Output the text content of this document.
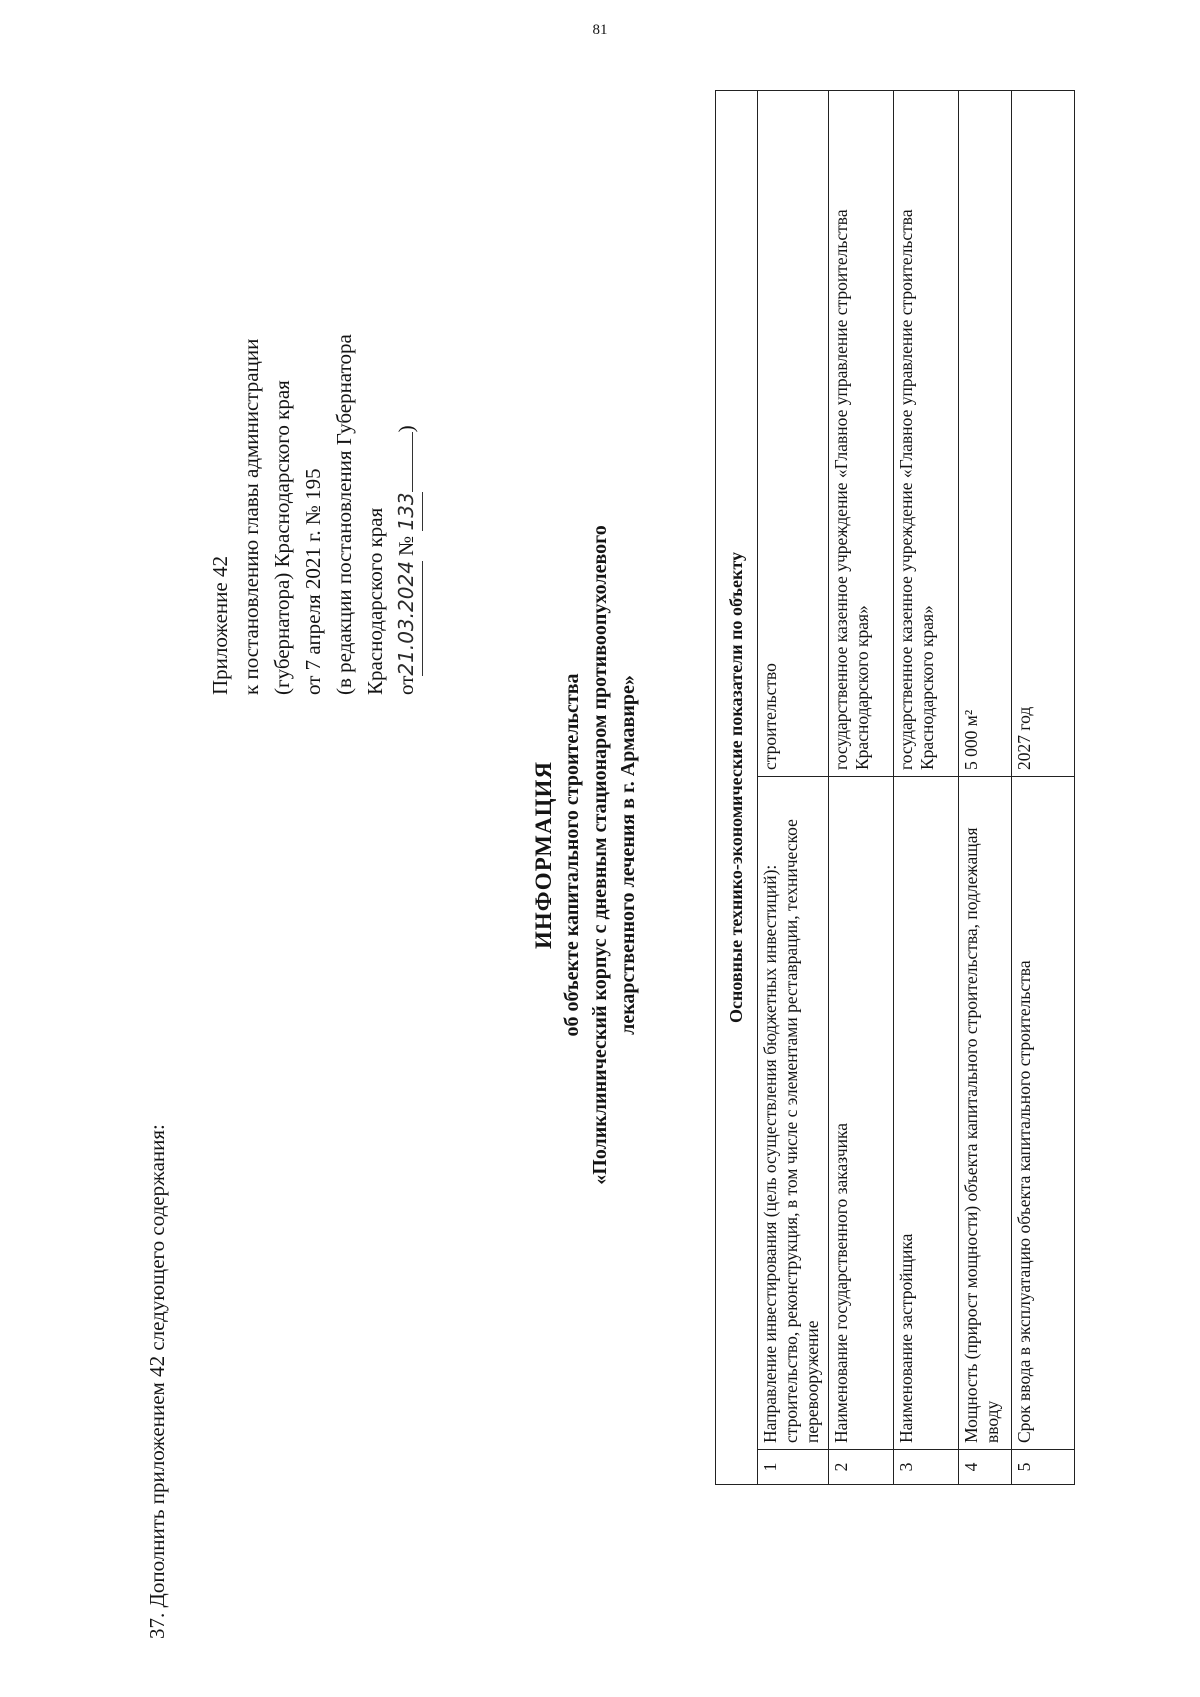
81
37. Дополнить приложением 42 следующего содержания:
Приложение 42 к постановлению главы администрации (губернатора) Краснодарского края от 7 апреля 2021 г. № 195 (в редакции постановления Губернатора Краснодарского края от21.03.2024 № 133)
ИНФОРМАЦИЯ об объекте капитального строительства «Поликлинический корпус с дневным стационаром противоопухолевого лекарственного лечения в г. Армавире»	Основные технико-экономические показатели по объекту		
1	Направление инвестирования (цель осуществления бюджетных инвестиций): строительство, реконструкция, в том числе с элементами реставрации, техническое перевооружение	строительство
2	Наименование государственного заказчика	государственное казенное учреждение «Главное управление строительства Краснодарского края»
3	Наименование застройщика	государственное казенное учреждение «Главное управление строительства Краснодарского края»
4	Мощность (прирост мощности) объекта капитального строительства, подлежащая вводу	5 000 м²
5	Срок ввода в эксплуатацию объекта капитального строительства	2027 год
